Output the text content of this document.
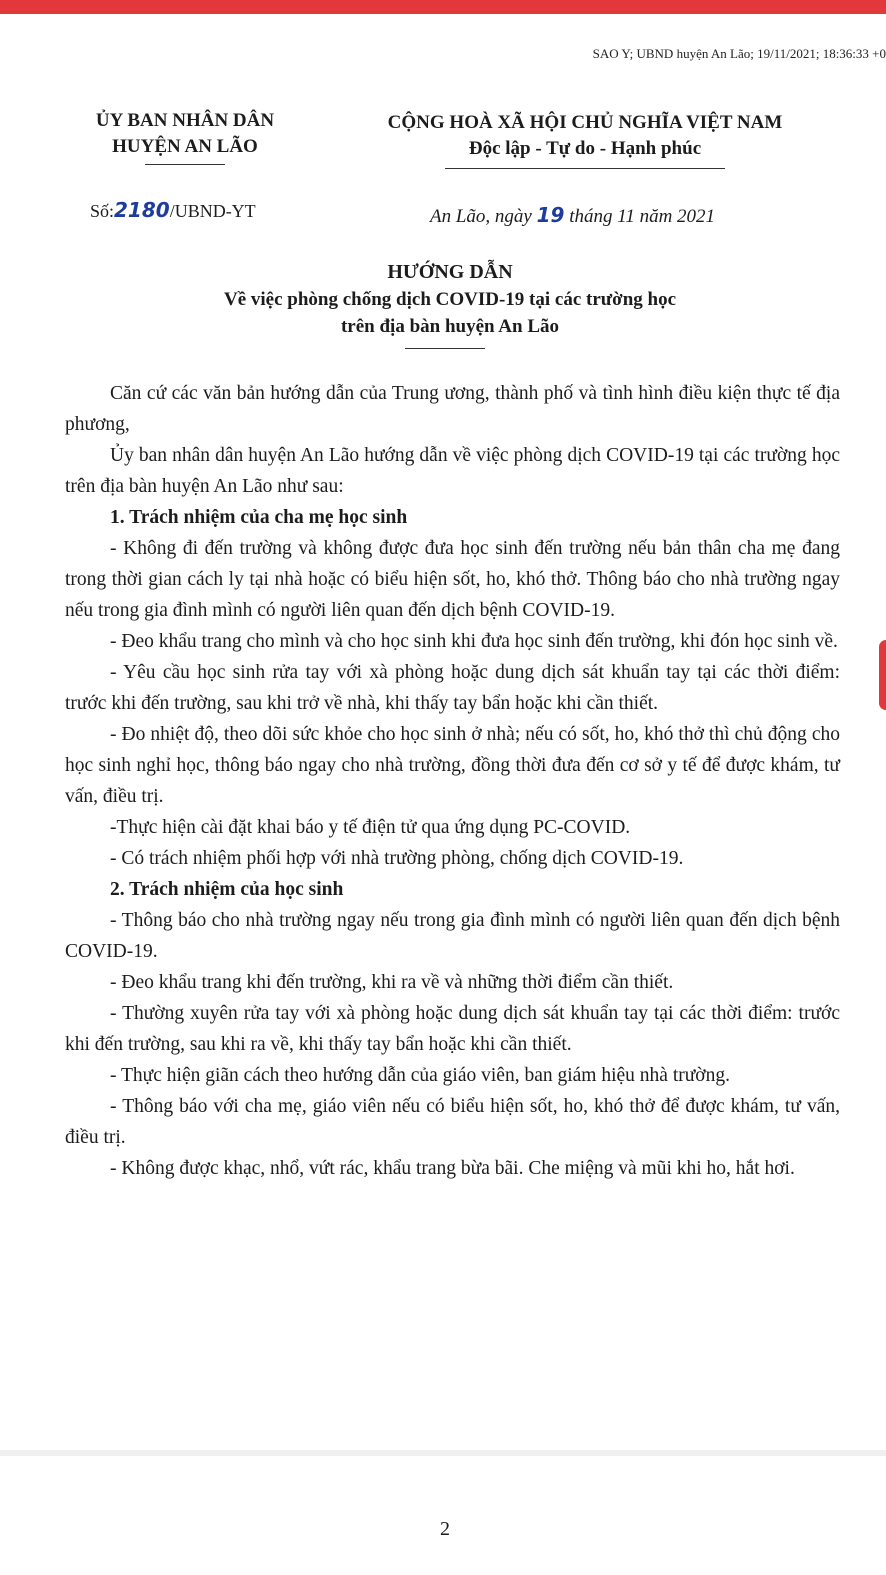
SAO Y; UBND huyện An Lão; 19/11/2021; 18:36:33 +0
ỦY BAN NHÂN DÂN
HUYỆN AN LÃO
CỘNG HOÀ XÃ HỘI CHỦ NGHĨA VIỆT NAM
Độc lập - Tự do - Hạnh phúc
Số:2180/UBND-YT	An Lão, ngày 19 tháng 11 năm 2021
HƯỚNG DẪN
Về việc phòng chống dịch COVID-19 tại các trường học
trên địa bàn huyện An Lão

Căn cứ các văn bản hướng dẫn của Trung ương, thành phố và tình hình điều kiện thực tế địa phương,

Ủy ban nhân dân huyện An Lão hướng dẫn về việc phòng dịch COVID-19 tại các trường học trên địa bàn huyện An Lão như sau:

1. Trách nhiệm của cha mẹ học sinh

- Không đi đến trường và không được đưa học sinh đến trường nếu bản thân cha mẹ đang trong thời gian cách ly tại nhà hoặc có biểu hiện sốt, ho, khó thở. Thông báo cho nhà trường ngay nếu trong gia đình mình có người liên quan đến dịch bệnh COVID-19.

- Đeo khẩu trang cho mình và cho học sinh khi đưa học sinh đến trường, khi đón học sinh về.

- Yêu cầu học sinh rửa tay với xà phòng hoặc dung dịch sát khuẩn tay tại các thời điểm: trước khi đến trường, sau khi trở về nhà, khi thấy tay bẩn hoặc khi cần thiết.

- Đo nhiệt độ, theo dõi sức khỏe cho học sinh ở nhà; nếu có sốt, ho, khó thở thì chủ động cho học sinh nghỉ học, thông báo ngay cho nhà trường, đồng thời đưa đến cơ sở y tế để được khám, tư vấn, điều trị.

-Thực hiện cài đặt khai báo y tế điện tử qua ứng dụng PC-COVID.

- Có trách nhiệm phối hợp với nhà trường phòng, chống dịch COVID-19.

2. Trách nhiệm của học sinh

- Thông báo cho nhà trường ngay nếu trong gia đình mình có người liên quan đến dịch bệnh COVID-19.

- Đeo khẩu trang khi đến trường, khi ra về và những thời điểm cần thiết.

- Thường xuyên rửa tay với xà phòng hoặc dung dịch sát khuẩn tay tại các thời điểm: trước khi đến trường, sau khi ra về, khi thấy tay bẩn hoặc khi cần thiết.

- Thực hiện giãn cách theo hướng dẫn của giáo viên, ban giám hiệu nhà trường.

- Thông báo với cha mẹ, giáo viên nếu có biểu hiện sốt, ho, khó thở để được khám, tư vấn, điều trị.

- Không được khạc, nhổ, vứt rác, khẩu trang bừa bãi. Che miệng và mũi khi ho, hắt hơi.

2
